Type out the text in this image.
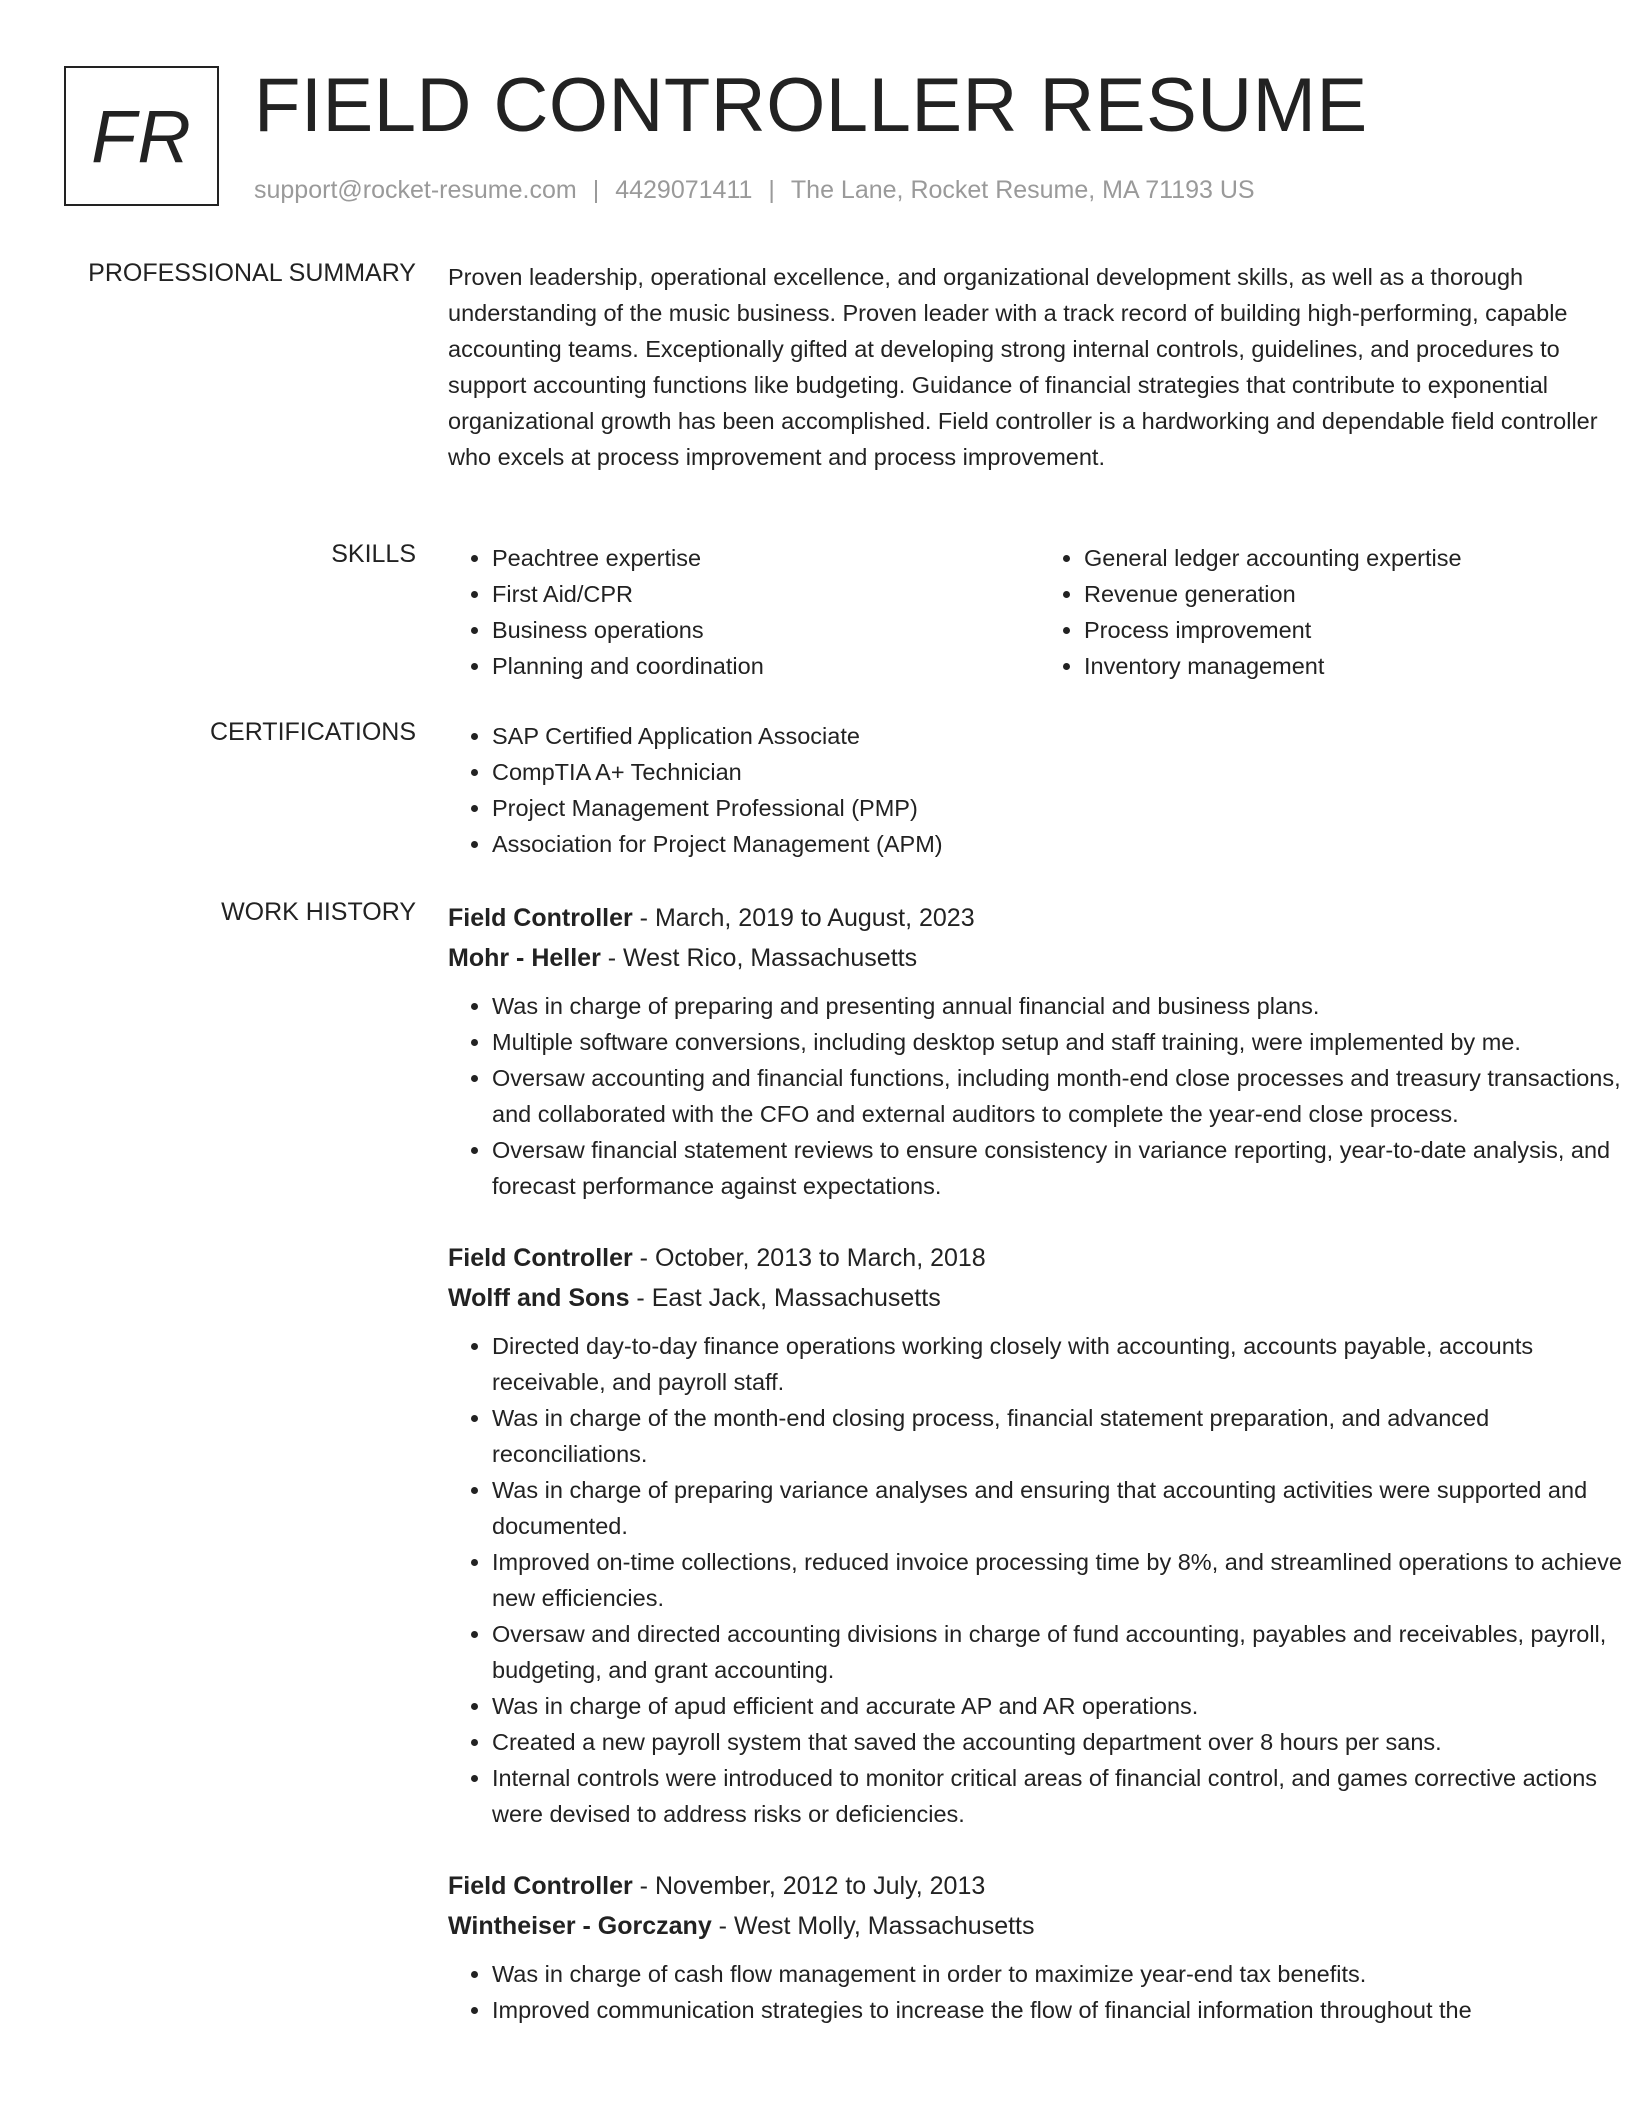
FR FIELD CONTROLLER RESUME
support@rocket-resume.com | 4429071411 | The Lane, Rocket Resume, MA 71193 US
PROFESSIONAL SUMMARY Proven leadership, operational excellence, and organizational development skills, as well as a thorough understanding of the music business. Proven leader with a track record of building high-performing, capable accounting teams. Exceptionally gifted at developing strong internal controls, guidelines, and procedures to support accounting functions like budgeting. Guidance of financial strategies that contribute to exponential organizational growth has been accomplished. Field controller is a hardworking and dependable field controller who excels at process improvement and process improvement.

SKILLS	• Peachtree expertise
• First Aid/CPR
• Business operations
• Planning and coordination
• General ledger accounting expertise
• Revenue generation
• Process improvement
• Inventory management
CERTIFICATIONS	• SAP Certified Application Associate
• CompTIA A+ Technician
• Project Management Professional (PMP)
• Association for Project Management (APM)
WORK HISTORY Field Controller - March, 2019 to August, 2023
Mohr - Heller - West Rico, Massachusetts
• Was in charge of preparing and presenting annual financial and business plans.
• Multiple software conversions, including desktop setup and staff training, were implemented by me.
• Oversaw accounting and financial functions, including month-end close processes and treasury transactions, and collaborated with the CFO and external auditors to complete the year-end close process.
• Oversaw financial statement reviews to ensure consistency in variance reporting, year-to-date analysis, and forecast performance against expectations.
Field Controller - October, 2013 to March, 2018
Wolff and Sons - East Jack, Massachusetts
• Directed day-to-day finance operations working closely with accounting, accounts payable, accounts receivable, and payroll staff.
• Was in charge of the month-end closing process, financial statement preparation, and advanced reconciliations.
• Was in charge of preparing variance analyses and ensuring that accounting activities were supported and documented.
• Improved on-time collections, reduced invoice processing time by 8%, and streamlined operations to achieve new efficiencies.
• Oversaw and directed accounting divisions in charge of fund accounting, payables and receivables, payroll, budgeting, and grant accounting.
• Was in charge of apud efficient and accurate AP and AR operations.
• Created a new payroll system that saved the accounting department over 8 hours per sans.
• Internal controls were introduced to monitor critical areas of financial control, and games corrective actions were devised to address risks or deficiencies.
Field Controller - November, 2012 to July, 2013
Wintheiser - Gorczany - West Molly, Massachusetts
• Was in charge of cash flow management in order to maximize year-end tax benefits.
• Improved communication strategies to increase the flow of financial information throughout the
